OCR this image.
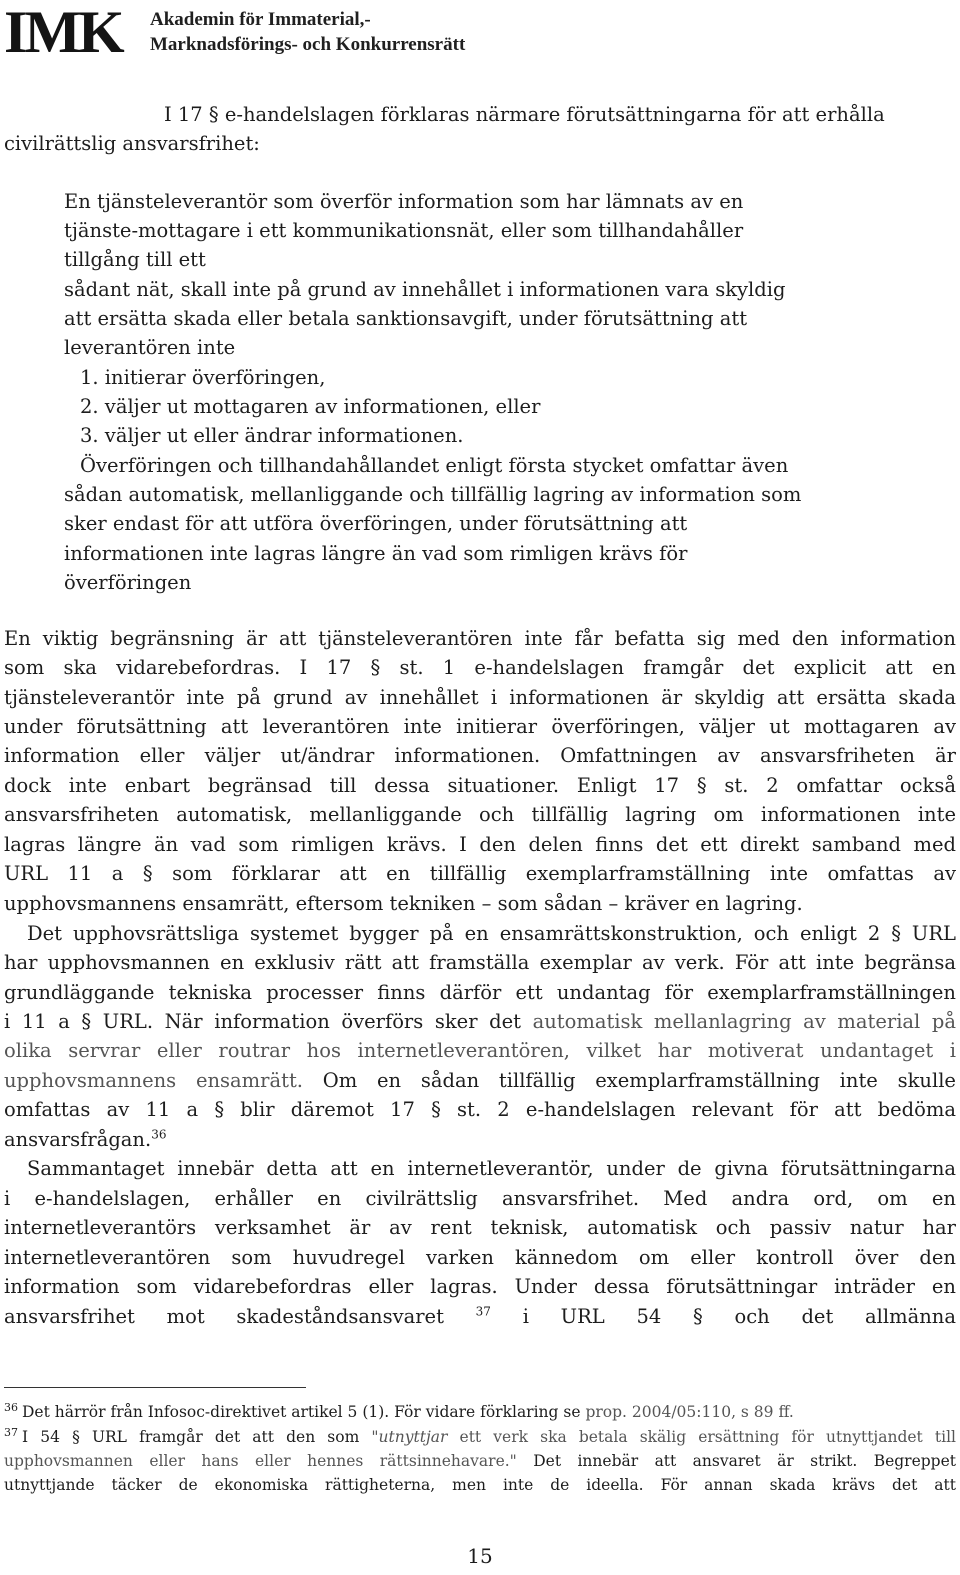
IMK Akademin för Immaterial,-
Marknadsförings- och Konkurrensrätt
I 17 § e-handelslagen förklaras närmare förutsättningarna för att erhålla
civilrättslig ansvarsfrihet:
En tjänsteleverantör som överför information som har lämnats av en
tjänste-mottagare i ett kommunikationsnät, eller som tillhandahåller
tillgång till ett
sådant nät, skall inte på grund av innehållet i informationen vara skyldig
att ersätta skada eller betala sanktionsavgift, under förutsättning att
leverantören inte
1. initierar överföringen,
2. väljer ut mottagaren av informationen, eller
3. väljer ut eller ändrar informationen.
Överföringen och tillhandahållandet enligt första stycket omfattar även
sådan automatisk, mellanliggande och tillfällig lagring av information som
sker endast för att utföra överföringen, under förutsättning att
informationen inte lagras längre än vad som rimligen krävs för
överföringen
En viktig begränsning är att tjänsteleverantören inte får befatta sig med den information
som ska vidarebefordras. I 17 § st. 1 e-handelslagen framgår det explicit att en
tjänsteleverantör inte på grund av innehållet i informationen är skyldig att ersätta skada
under förutsättning att leverantören inte initierar överföringen, väljer ut mottagaren av
information eller väljer ut/ändrar informationen. Omfattningen av ansvarsfriheten är
dock inte enbart begränsad till dessa situationer. Enligt 17 § st. 2 omfattar också
ansvarsfriheten automatisk, mellanliggande och tillfällig lagring om informationen inte
lagras längre än vad som rimligen krävs. I den delen finns det ett direkt samband med
URL 11 a § som förklarar att en tillfällig exemplarframställning inte omfattas av
upphovsmannens ensamrätt, eftersom tekniken – som sådan – kräver en lagring.
Det upphovsrättsliga systemet bygger på en ensamrättskonstruktion, och enligt 2 § URL
har upphovsmannen en exklusiv rätt att framställa exemplar av verk. För att inte begränsa
grundläggande tekniska processer finns därför ett undantag för exemplarframställningen
i 11 a § URL. När information överförs sker det automatisk mellanlagring av material på
olika servrar eller routrar hos internetleverantören, vilket har motiverat undantaget i
upphovsmannens ensamrätt. Om en sådan tillfällig exemplarframställning inte skulle
omfattas av 11 a § blir däremot 17 § st. 2 e-handelslagen relevant för att bedöma
ansvarsfrågan.$^{36}$
Sammantaget innebär detta att en internetleverantör, under de givna förutsättningarna
i e-handelslagen, erhåller en civilrättslig ansvarsfrihet. Med andra ord, om en
internetleverantörs verksamhet är av rent teknisk, automatisk och passiv natur har
internetleverantören som huvudregel varken kännedom om eller kontroll över den
information som vidarebefordras eller lagras. Under dessa förutsättningar inträder en
ansvarsfrihet mot skadeståndsansvaret $^{37}$ i URL 54 § och det allmänna
$^{36}$ Det härrör från Infosoc-direktivet artikel 5 (1). För vidare förklaring se prop. 2004/05:110, s 89 ff.
$^{37}$ I 54 § URL framgår det att den som "utnyttjar ett verk ska betala skälig ersättning för utnyttjandet till
upphovsmannen eller hans eller hennes rättsinnehavare." Det innebär att ansvaret är strikt. Begreppet
utnyttjande täcker de ekonomiska rättigheterna, men inte de ideella. För annan skada krävs det att
15
